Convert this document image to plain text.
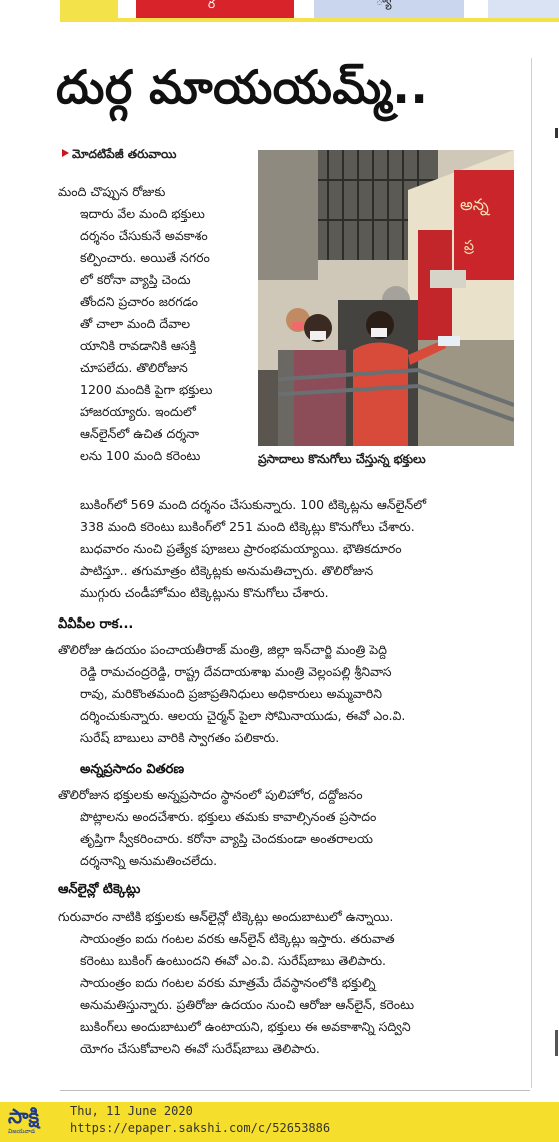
ర	్యా
దుర్గ మాయయమ్మ్..
మోదటిపేజీ తరువాయి
అన్న
ప్ర
ప్రసాదాలు కొనుగోలు చేస్తున్న భక్తులు
మంది చొప్పున రోజుకు
ఇదారు వేల మంది భక్తులు
దర్శనం చేసుకునే అవకాశం
కల్పించారు. అయితే నగరం
లో కరోనా వ్యాప్తి చెందు
తోందని ప్రచారం జరగడం
తో చాలా మంది దేవాల
యానికి రావడానికి ఆసక్తి
చూపలేదు. తొలిరోజున
1200 మందికి పైగా భక్తులు
హాజరయ్యారు. ఇందులో
ఆన్‌లైన్‌లో ఉచిత దర్శనా
లను 100 మంది కరెంటు
బుకింగ్‌లో 569 మంది దర్శనం చేసుకున్నారు. 100 టిక్కెట్లను ఆన్‌లైన్‌లో
338 మంది కరెంటు బుకింగ్‌లో 251 మంది టిక్కెట్లు కొనుగోలు చేశారు.
బుధవారం నుంచి ప్రత్యేక పూజలు ప్రారంభమయ్యాయి. భౌతికదూరం
పాటిస్తూ.. తగుమాత్రం టిక్కెట్లకు అనుమతిచ్చారు. తొలిరోజున
ముగ్గురు చండీహోమం టిక్కెట్లును కొనుగోలు చేశారు.
వీవీపీల రాక...
తొలిరోజు ఉదయం పంచాయతీరాజ్ మంత్రి, జిల్లా ఇన్‌చార్జి మంత్రి పెద్ది
రెడ్డి రామచంద్రరెడ్డి, రాష్ట్ర దేవదాయశాఖ మంత్రి వెల్లంపల్లి శ్రీనివాస
రావు, మరికొంతమంది ప్రజాప్రతినిధులు అధికారులు అమ్మవారిని
దర్శించుకున్నారు. ఆలయ చైర్మన్ పైలా సోమినాయుడు, ఈవో ఎం.వి.
సురేష్ బాబులు వారికి స్వాగతం పలికారు.
అన్నప్రసాదం వితరణ
తొలిరోజున భక్తులకు అన్నప్రసాదం స్థానంలో పులిహోర, దద్దోజనం
పొట్లాలను అందచేశారు. భక్తులు తమకు కావాల్సినంత ప్రసాదం
తృప్తిగా స్వీకరించారు. కరోనా వ్యాప్తి చెందకుండా అంతరాలయ
దర్శనాన్ని అనుమతించలేదు.
ఆన్‌లైన్లో టిక్కెట్లు
గురువారం నాటికి భక్తులకు ఆన్‌లైన్లో టిక్కెట్లు అందుబాటులో ఉన్నాయి.
సాయంత్రం ఐదు గంటల వరకు ఆన్‌లైన్ టిక్కెట్లు ఇస్తారు. తరువాత
కరెంటు బుకింగ్ ఉంటుందని ఈవో ఎం.వి. సురేష్‌బాబు తెలిపారు.
సాయంత్రం ఐదు గంటల వరకు మాత్రమే దేవస్థానంలోకి భక్తుల్ని
అనుమతిస్తున్నారు. ప్రతిరోజు ఉదయం నుంచి ఆరోజు ఆన్‌లైన్, కరెంటు
బుకింగ్‌లు అందుబాటులో ఉంటాయని, భక్తులు ఈ అవకాశాన్ని సద్విని
యోగం చేసుకోవాలని ఈవో సురేష్‌బాబు తెలిపారు.
సాక్షి
విజయవాడ
Thu, 11 June 2020
https://epaper.sakshi.com/c/52653886
